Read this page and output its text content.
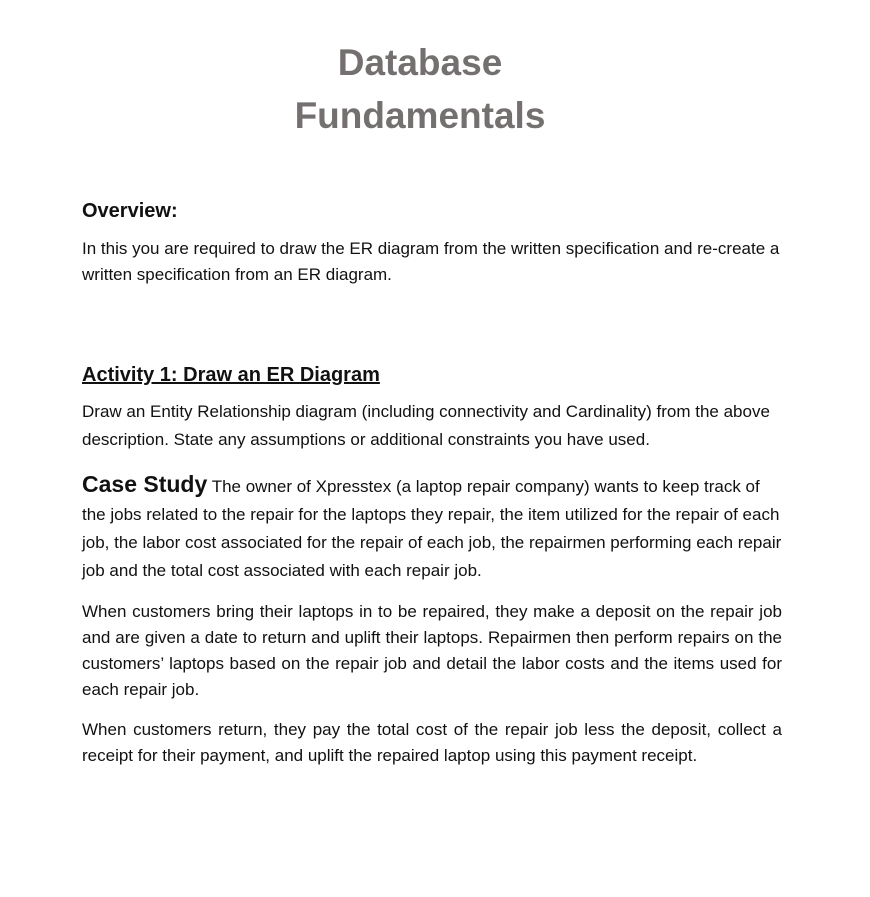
Database
Fundamentals
Overview:

In this you are required to draw the ER diagram from the written specification and re-create a written specification from an ER diagram.

Activity 1: Draw an ER Diagram

Draw an Entity Relationship diagram (including connectivity and Cardinality) from the above description. State any assumptions or additional constraints you have used.

Case Study The owner of Xpresstex (a laptop repair company) wants to keep track of the jobs related to the repair for the laptops they repair, the item utilized for the repair of each job, the labor cost associated for the repair of each job, the repairmen performing each repair job and the total cost associated with each repair job.

When customers bring their laptops in to be repaired, they make a deposit on the repair job and are given a date to return and uplift their laptops. Repairmen then perform repairs on the customers’ laptops based on the repair job and detail the labor costs and the items used for each repair job.

When customers return, they pay the total cost of the repair job less the deposit, collect a receipt for their payment, and uplift the repaired laptop using this payment receipt.
